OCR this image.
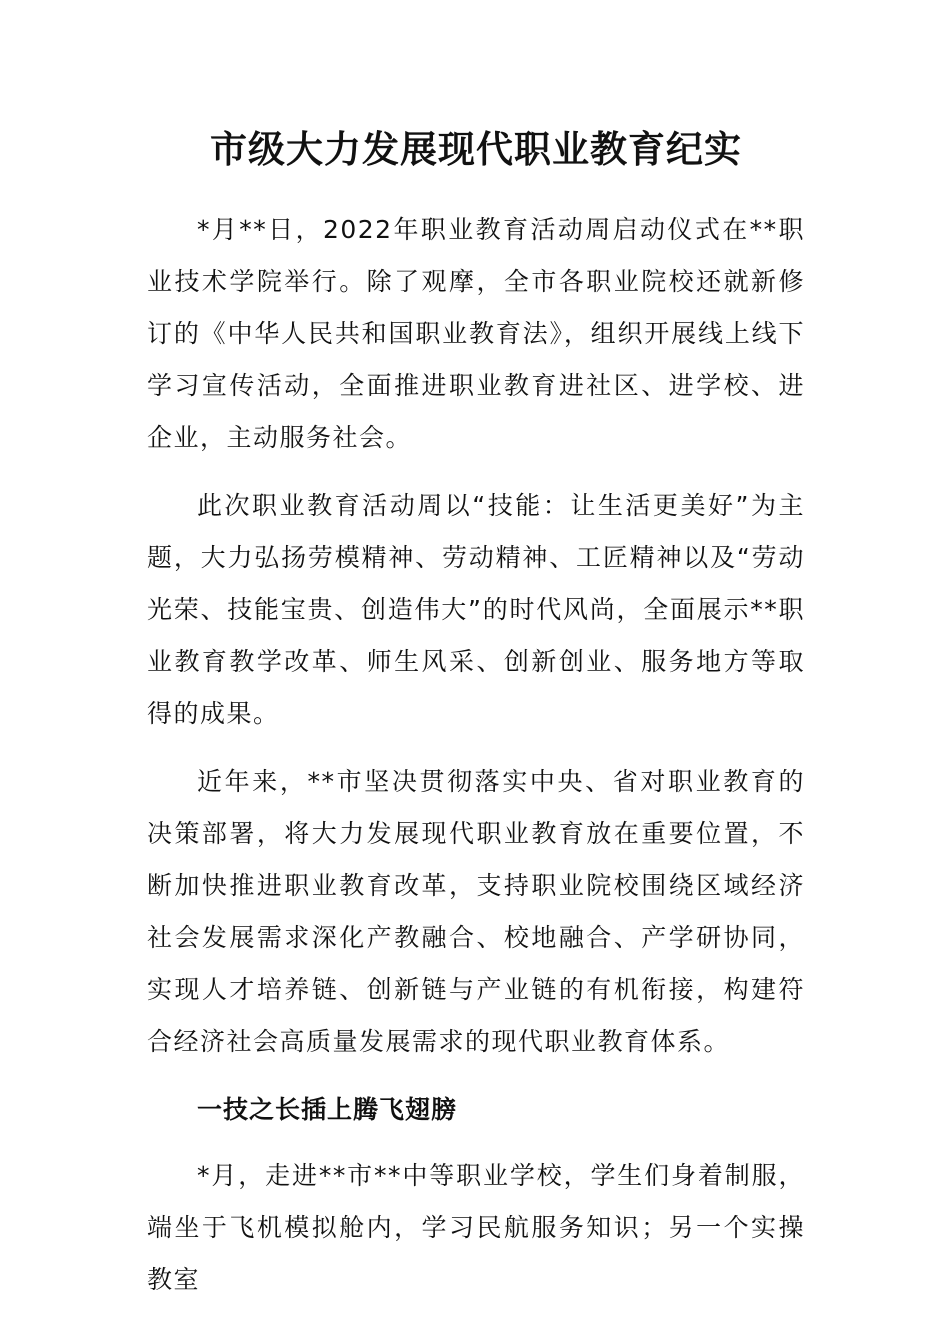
市级大力发展现代职业教育纪实

*月**日，2022年职业教育活动周启动仪式在**职业技术学院举行。除了观摩，全市各职业院校还就新修订的《中华人民共和国职业教育法》，组织开展线上线下学习宣传活动，全面推进职业教育进社区、进学校、进企业，主动服务社会。

此次职业教育活动周以“技能：让生活更美好”为主题，大力弘扬劳模精神、劳动精神、工匠精神以及“劳动光荣、技能宝贵、创造伟大”的时代风尚，全面展示**职业教育教学改革、师生风采、创新创业、服务地方等取得的成果。

近年来，**市坚决贯彻落实中央、省对职业教育的决策部署，将大力发展现代职业教育放在重要位置，不断加快推进职业教育改革，支持职业院校围绕区域经济社会发展需求深化产教融合、校地融合、产学研协同，实现人才培养链、创新链与产业链的有机衔接，构建符合经济社会高质量发展需求的现代职业教育体系。

一技之长插上腾飞翅膀

*月，走进**市**中等职业学校，学生们身着制服，端坐于飞机模拟舱内，学习民航服务知识；另一个实操教室
